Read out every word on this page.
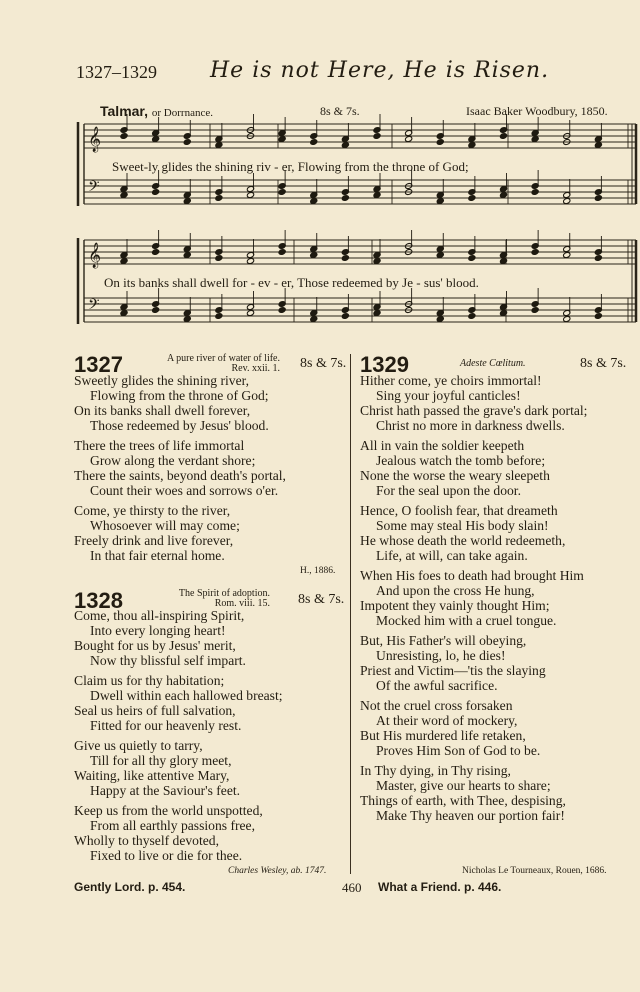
1327–1329 He is not Here, He is Risen.
Talmar, or Dorrnance.	8s & 7s.	Isaac Baker Woodbury, 1850.
𝄞
𝄢
𝄞
𝄢
Sweet-ly glides the shining riv - er, Flowing from the throne of God;
On its banks shall dwell for - ev - er, Those redeemed by Je - sus' blood.
1327	A pure river of water of life.
Rev. xxii. 1. 8s & 7s.
Sweetly glides the shining river,
Flowing from the throne of God;
On its banks shall dwell forever,
Those redeemed by Jesus' blood.
There the trees of life immortal
Grow along the verdant shore;
There the saints, beyond death's portal,
Count their woes and sorrows o'er.
Come, ye thirsty to the river,
Whosoever will may come;
Freely drink and live forever,
In that fair eternal home.
H., 1886.
1328	The Spirit of adoption.
Rom. viii. 15. 8s & 7s.
Come, thou all-inspiring Spirit,
Into every longing heart!
Bought for us by Jesus' merit,
Now thy blissful self impart.
Claim us for thy habitation;
Dwell within each hallowed breast;
Seal us heirs of full salvation,
Fitted for our heavenly rest.
Give us quietly to tarry,
Till for all thy glory meet,
Waiting, like attentive Mary,
Happy at the Saviour's feet.
Keep us from the world unspotted,
From all earthly passions free,
Wholly to thyself devoted,
Fixed to live or die for thee.
Charles Wesley, ab. 1747.
1329	Adeste Cœlitum.	8s & 7s.
Hither come, ye choirs immortal!
Sing your joyful canticles!
Christ hath passed the grave's dark portal;
Christ no more in darkness dwells.
All in vain the soldier keepeth
Jealous watch the tomb before;
None the worse the weary sleepeth
For the seal upon the door.
Hence, O foolish fear, that dreameth
Some may steal His body slain!
He whose death the world redeemeth,
Life, at will, can take again.
When His foes to death had brought Him
And upon the cross He hung,
Impotent they vainly thought Him;
Mocked him with a cruel tongue.
But, His Father's will obeying,
Unresisting, lo, he dies!
Priest and Victim—'tis the slaying
Of the awful sacrifice.
Not the cruel cross forsaken
At their word of mockery,
But His murdered life retaken,
Proves Him Son of God to be.
In Thy dying, in Thy rising,
Master, give our hearts to share;
Things of earth, with Thee, despising,
Make Thy heaven our portion fair!
Nicholas Le Tourneaux, Rouen, 1686.
Gently Lord. p. 454.	460 What a Friend. p. 446.
